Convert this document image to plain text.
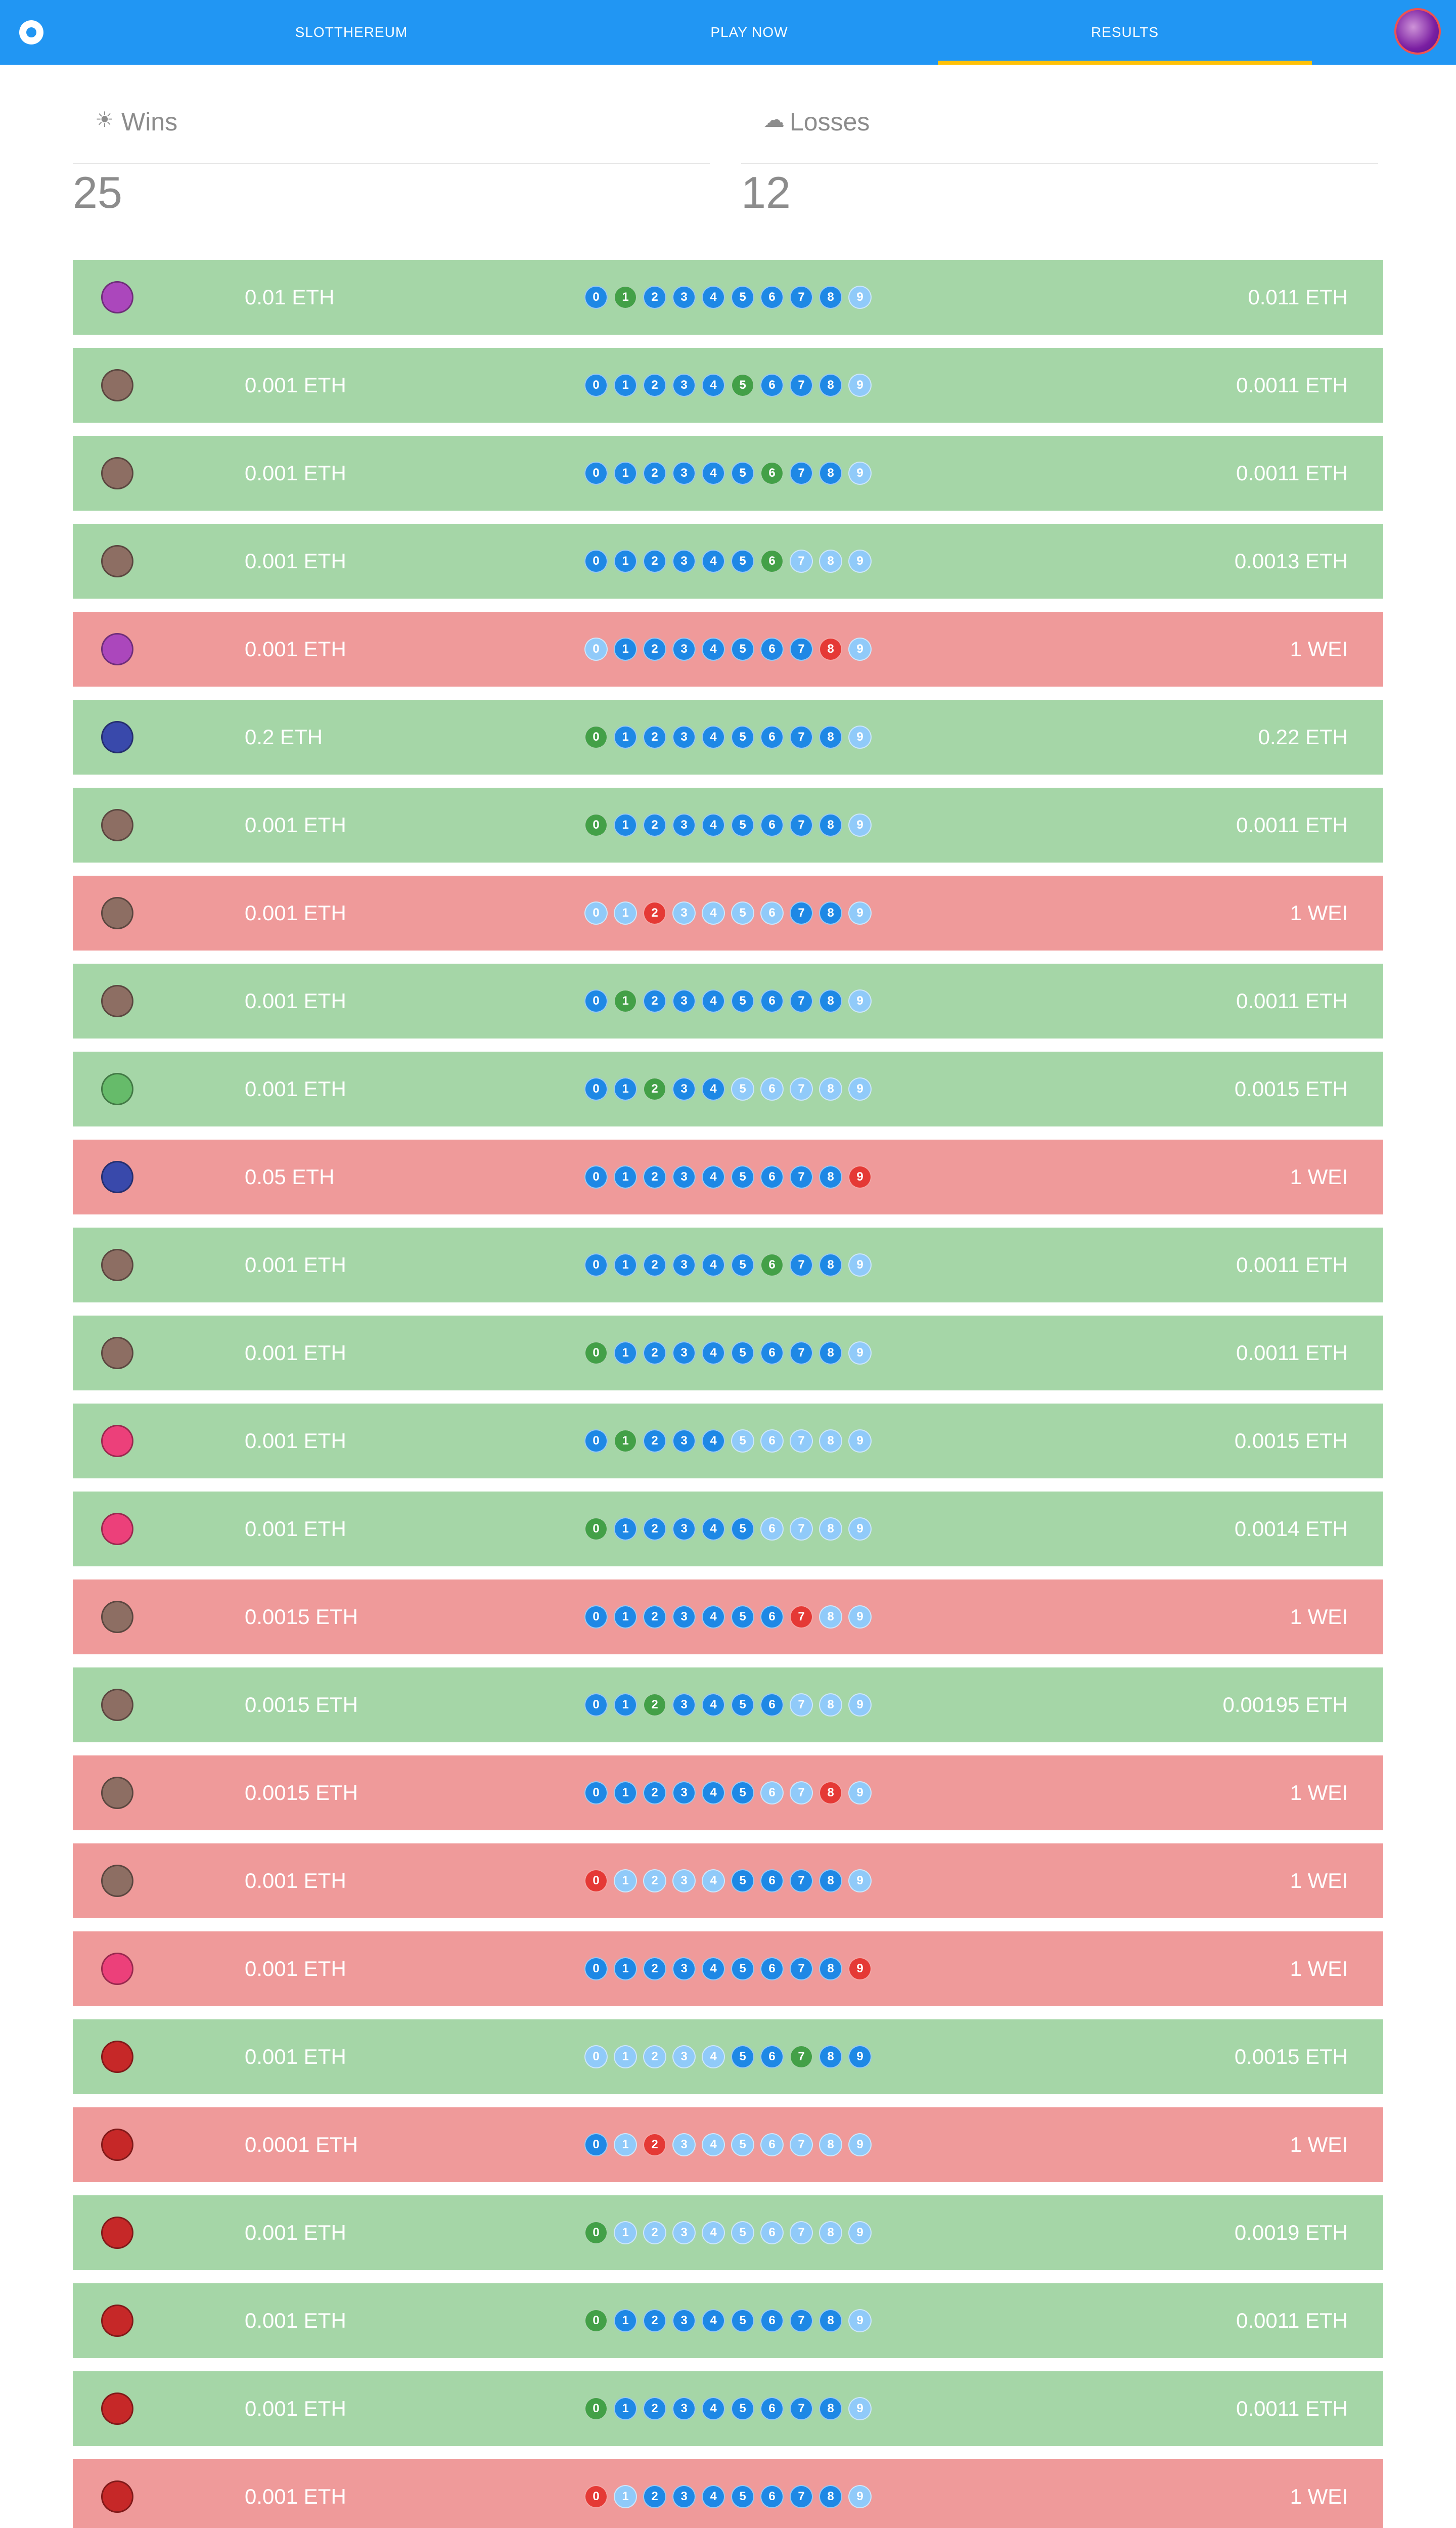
SLOTTHEREUM	PLAY NOW	RESULTS
☀ Wins
25
☁ Losses
12
0.01 ETH	0	1	2	3	4	5	6	7	8	9	0.011 ETH
0.001 ETH	0	1	2	3	4	5	6	7	8	9	0.0011 ETH
0.001 ETH	0	1	2	3	4	5	6	7	8	9	0.0011 ETH
0.001 ETH	0	1	2	3	4	5	6	7	8	9	0.0013 ETH
0.001 ETH	0	1	2	3	4	5	6	7	8	9	1 WEI
0.2 ETH	0	1	2	3	4	5	6	7	8	9	0.22 ETH
0.001 ETH	0	1	2	3	4	5	6	7	8	9	0.0011 ETH
0.001 ETH	0	1	2	3	4	5	6	7	8	9	1 WEI
0.001 ETH	0	1	2	3	4	5	6	7	8	9	0.0011 ETH
0.001 ETH	0	1	2	3	4	5	6	7	8	9	0.0015 ETH
0.05 ETH	0	1	2	3	4	5	6	7	8	9	1 WEI
0.001 ETH	0	1	2	3	4	5	6	7	8	9	0.0011 ETH
0.001 ETH	0	1	2	3	4	5	6	7	8	9	0.0011 ETH
0.001 ETH	0	1	2	3	4	5	6	7	8	9	0.0015 ETH
0.001 ETH	0	1	2	3	4	5	6	7	8	9	0.0014 ETH
0.0015 ETH	0	1	2	3	4	5	6	7	8	9	1 WEI
0.0015 ETH	0	1	2	3	4	5	6	7	8	9	0.00195 ETH
0.0015 ETH	0	1	2	3	4	5	6	7	8	9	1 WEI
0.001 ETH	0	1	2	3	4	5	6	7	8	9	1 WEI
0.001 ETH	0	1	2	3	4	5	6	7	8	9	1 WEI
0.001 ETH	0	1	2	3	4	5	6	7	8	9	0.0015 ETH
0.0001 ETH	0	1	2	3	4	5	6	7	8	9	1 WEI
0.001 ETH	0	1	2	3	4	5	6	7	8	9	0.0019 ETH
0.001 ETH	0	1	2	3	4	5	6	7	8	9	0.0011 ETH
0.001 ETH	0	1	2	3	4	5	6	7	8	9	0.0011 ETH
0.001 ETH	0	1	2	3	4	5	6	7	8	9	1 WEI
